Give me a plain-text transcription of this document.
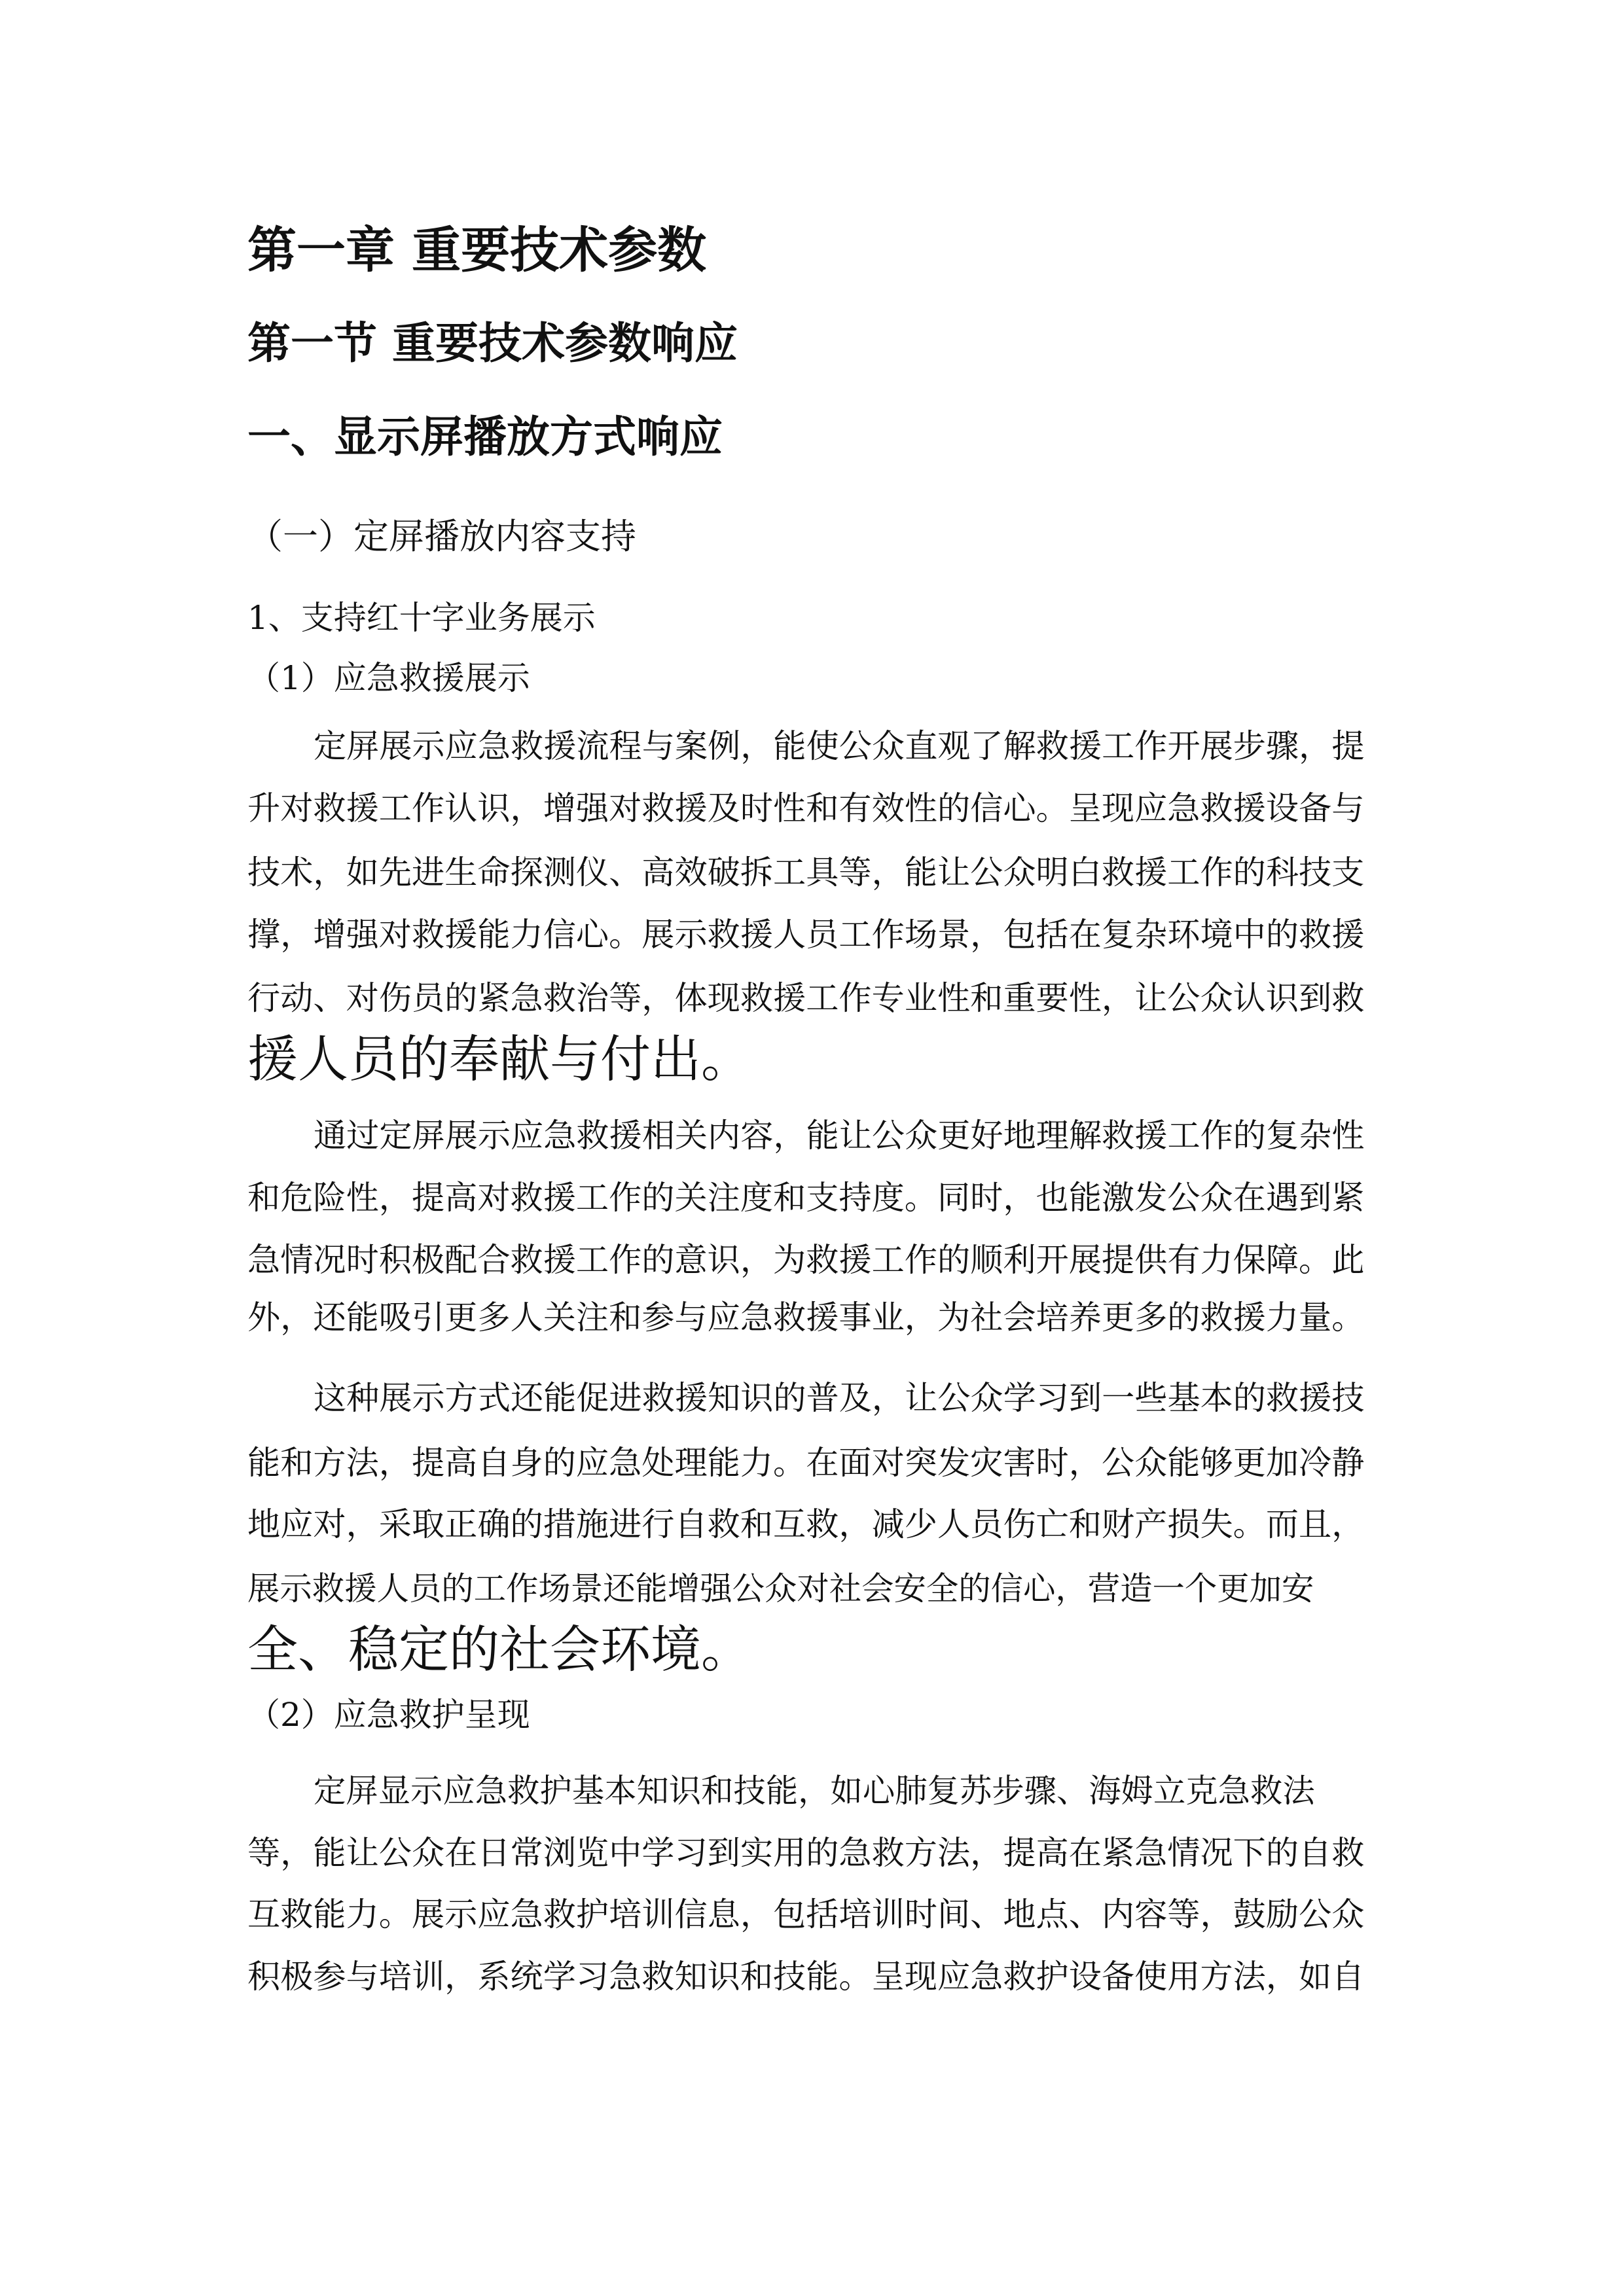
第一章 重要技术参数
第一节 重要技术参数响应
一、显示屏播放方式响应
（一）定屏播放内容支持
1、支持红十字业务展示
（1）应急救援展示
定屏展示应急救援流程与案例，能使公众直观了解救援工作开展步骤，提
升对救援工作认识，增强对救援及时性和有效性的信心。呈现应急救援设备与
技术，如先进生命探测仪、高效破拆工具等，能让公众明白救援工作的科技支
撑，增强对救援能力信心。展示救援人员工作场景，包括在复杂环境中的救援
行动、对伤员的紧急救治等，体现救援工作专业性和重要性，让公众认识到救
援人员的奉献与付出。
通过定屏展示应急救援相关内容，能让公众更好地理解救援工作的复杂性
和危险性，提高对救援工作的关注度和支持度。同时，也能激发公众在遇到紧
急情况时积极配合救援工作的意识，为救援工作的顺利开展提供有力保障。此
外，还能吸引更多人关注和参与应急救援事业，为社会培养更多的救援力量。
这种展示方式还能促进救援知识的普及，让公众学习到一些基本的救援技
能和方法，提高自身的应急处理能力。在面对突发灾害时，公众能够更加冷静
地应对，采取正确的措施进行自救和互救，减少人员伤亡和财产损失。而且，
展示救援人员的工作场景还能增强公众对社会安全的信心，营造一个更加安
全、稳定的社会环境。
（2）应急救护呈现
定屏显示应急救护基本知识和技能，如心肺复苏步骤、海姆立克急救法
等，能让公众在日常浏览中学习到实用的急救方法，提高在紧急情况下的自救
互救能力。展示应急救护培训信息，包括培训时间、地点、内容等，鼓励公众
积极参与培训，系统学习急救知识和技能。呈现应急救护设备使用方法，如自
